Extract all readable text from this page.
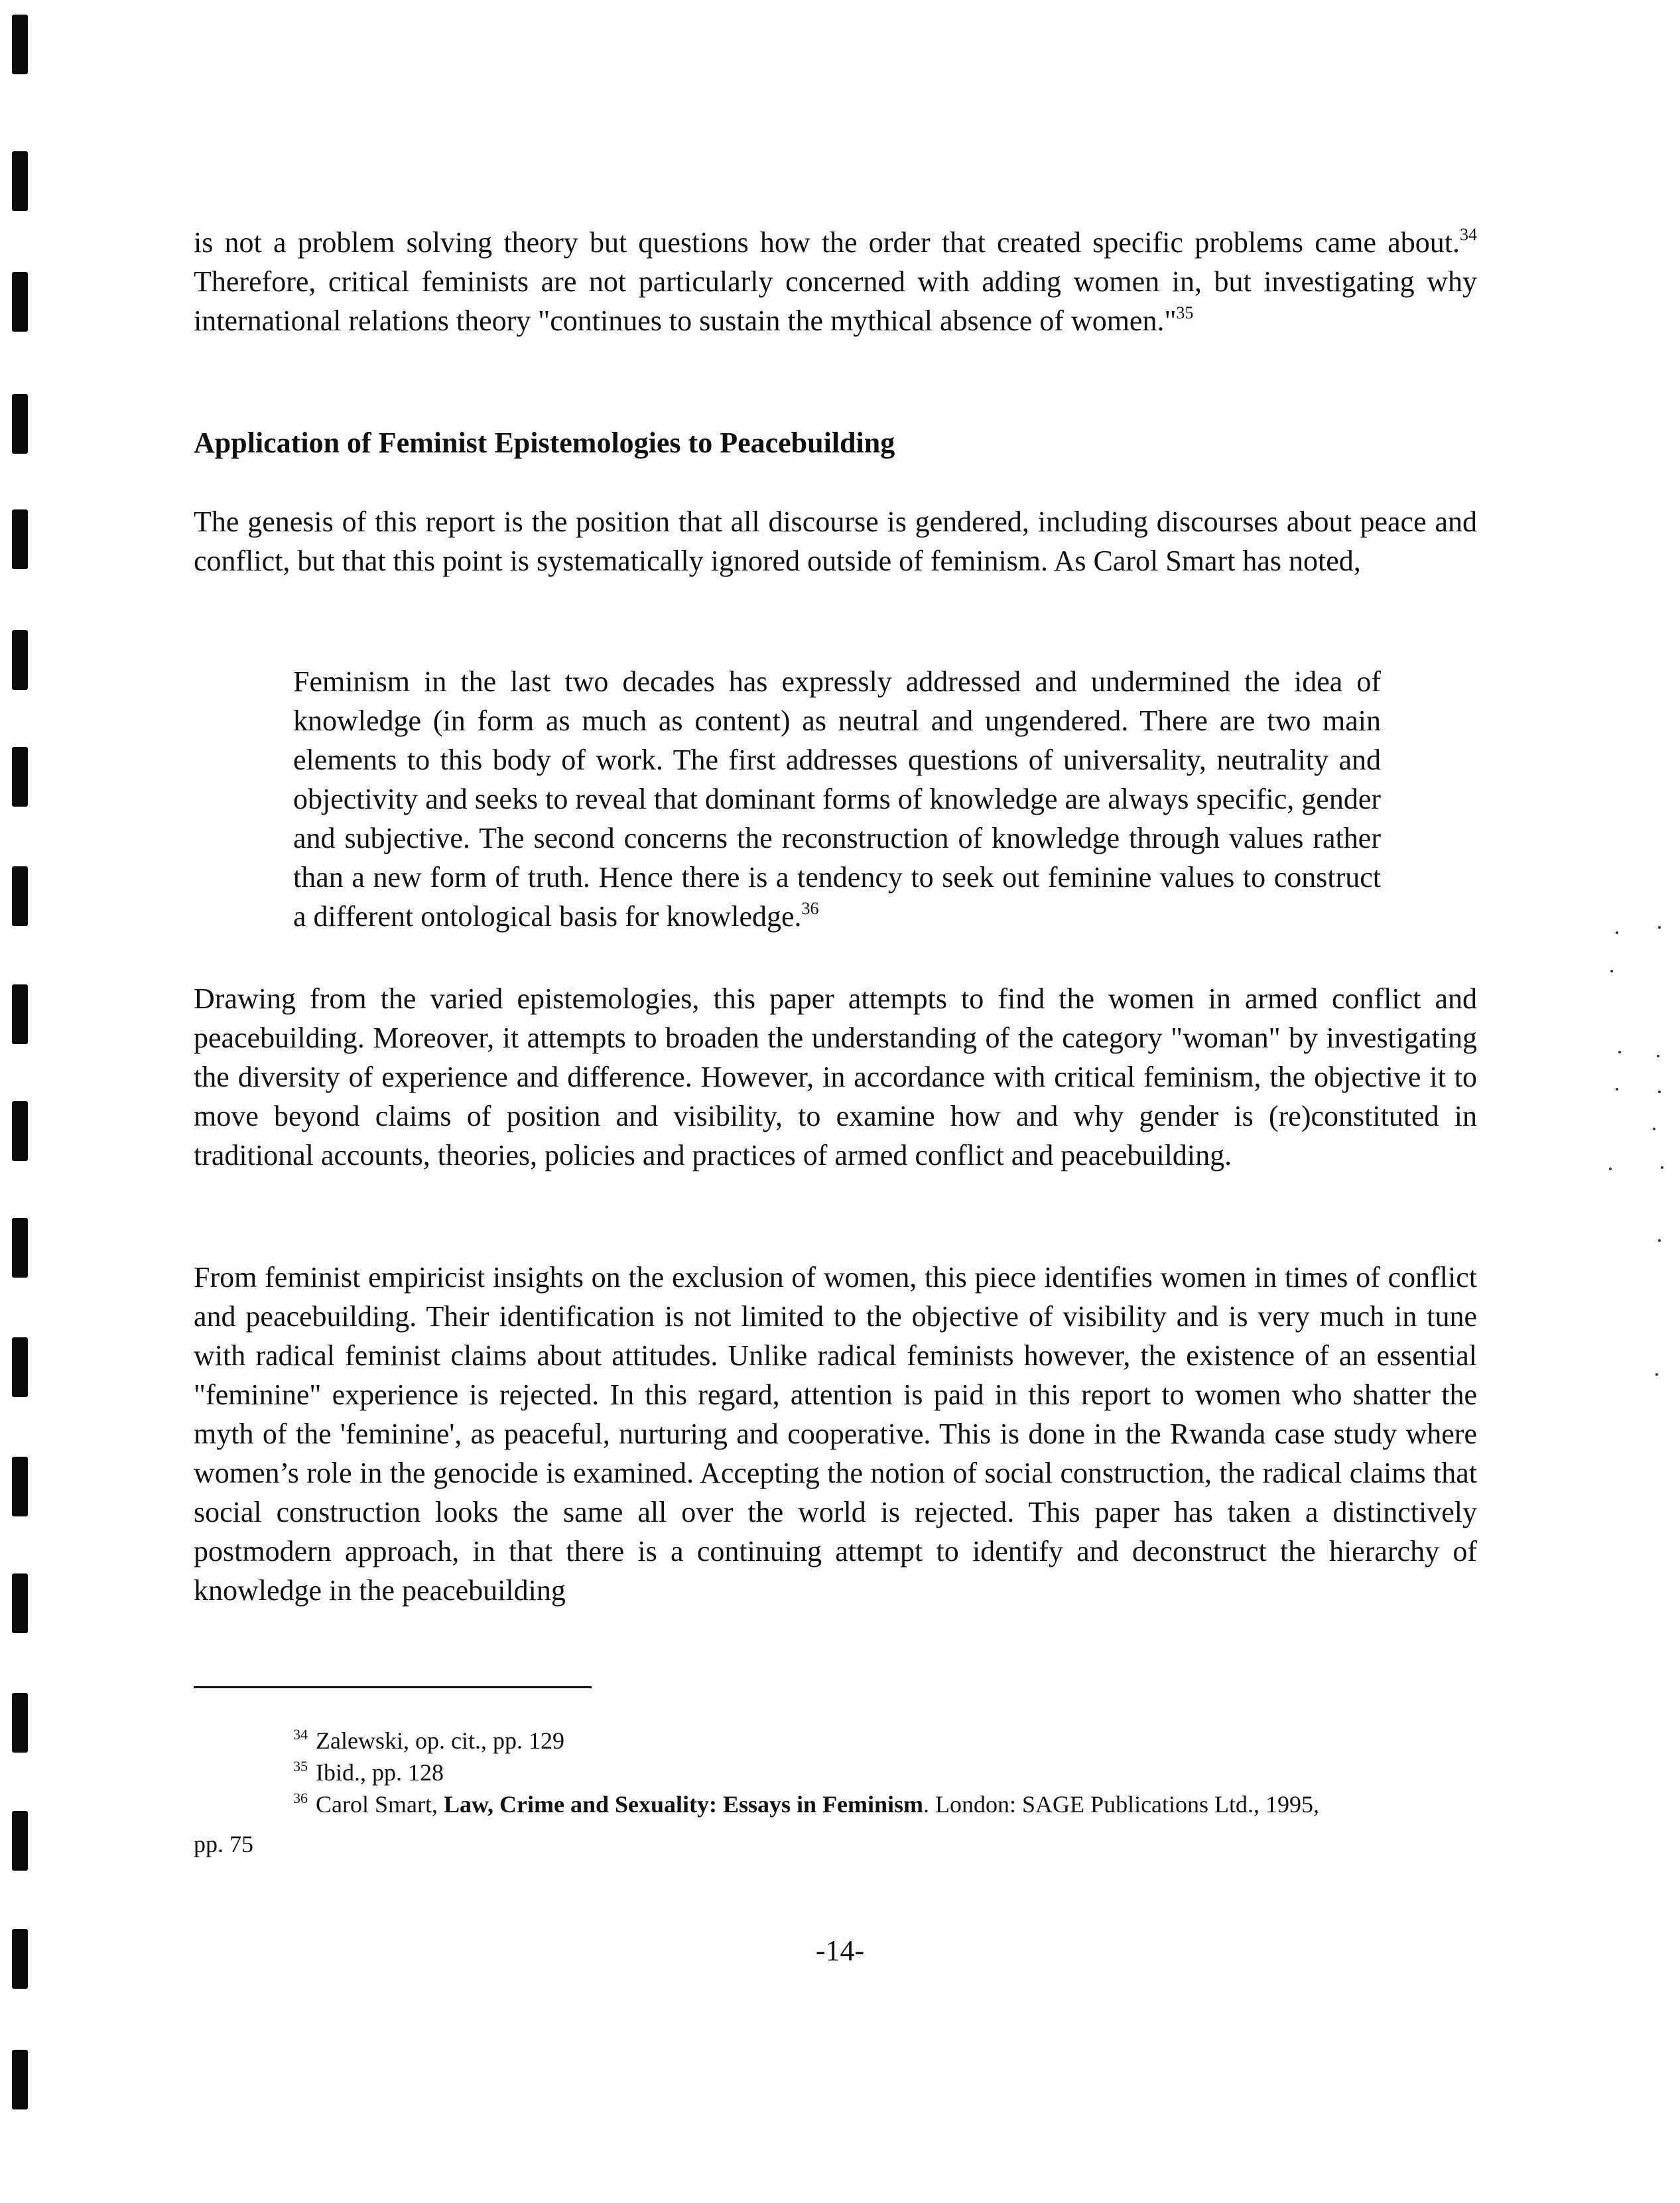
is not a problem solving theory but questions how the order that created specific problems came about.$^{34}$ Therefore, critical feminists are not particularly concerned with adding women in, but investigating why international relations theory "continues to sustain the mythical absence of women."$^{35}$
Application of Feminist Epistemologies to Peacebuilding
The genesis of this report is the position that all discourse is gendered, including discourses about peace and conflict, but that this point is systematically ignored outside of feminism. As Carol Smart has noted,
Feminism in the last two decades has expressly addressed and undermined the idea of knowledge (in form as much as content) as neutral and ungendered. There are two main elements to this body of work. The first addresses questions of universality, neutrality and objectivity and seeks to reveal that dominant forms of knowledge are always specific, gender and subjective. The second concerns the reconstruction of knowledge through values rather than a new form of truth. Hence there is a tendency to seek out feminine values to construct a different ontological basis for knowledge.$^{36}$
Drawing from the varied epistemologies, this paper attempts to find the women in armed conflict and peacebuilding. Moreover, it attempts to broaden the understanding of the category "woman" by investigating the diversity of experience and difference. However, in accordance with critical feminism, the objective it to move beyond claims of position and visibility, to examine how and why gender is (re)constituted in traditional accounts, theories, policies and practices of armed conflict and peacebuilding.
From feminist empiricist insights on the exclusion of women, this piece identifies women in times of conflict and peacebuilding. Their identification is not limited to the objective of visibility and is very much in tune with radical feminist claims about attitudes. Unlike radical feminists however, the existence of an essential "feminine" experience is rejected. In this regard, attention is paid in this report to women who shatter the myth of the 'feminine', as peaceful, nurturing and cooperative. This is done in the Rwanda case study where women’s role in the genocide is examined. Accepting the notion of social construction, the radical claims that social construction looks the same all over the world is rejected. This paper has taken a distinctively postmodern approach, in that there is a continuing attempt to identify and deconstruct the hierarchy of knowledge in the peacebuilding
$^{34}$ Zalewski, op. cit., pp. 129
$^{35}$ Ibid., pp. 128
$^{36}$ Carol Smart, Law, Crime and Sexuality: Essays in Feminism. London: SAGE Publications Ltd., 1995,
pp. 75
-14-
